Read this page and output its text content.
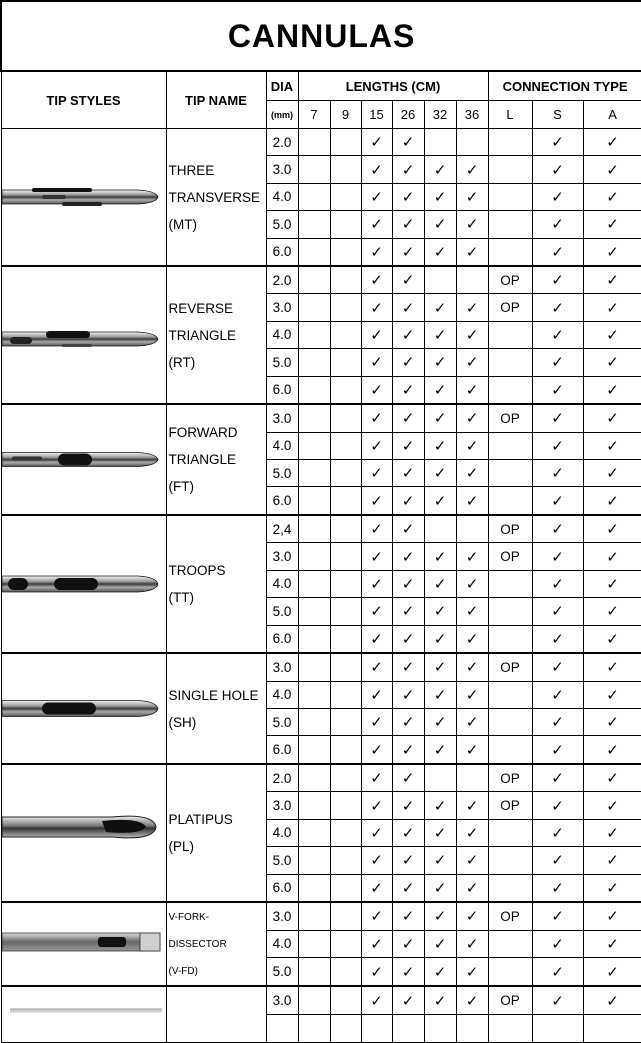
CANNULAS											
TIP STYLES	TIP NAME	DIA	LENGTHS (CM)						CONNECTION TYPE		
		(mm)	7	9	15	26	32	36	L	S	A

THREE
TRANSVERSE
(MT)	2.0			✓	✓				✓	✓
		3.0			✓	✓	✓	✓		✓	✓
		4.0			✓	✓	✓	✓		✓	✓
		5.0			✓	✓	✓	✓		✓	✓
		6.0			✓	✓	✓	✓		✓	✓

REVERSE
TRIANGLE
(RT)	2.0			✓	✓			OP	✓	✓
		3.0			✓	✓	✓	✓	OP	✓	✓
		4.0			✓	✓	✓	✓		✓	✓
		5.0			✓	✓	✓	✓		✓	✓
		6.0			✓	✓	✓	✓		✓	✓

FORWARD
TRIANGLE
(FT)	3.0			✓	✓	✓	✓	OP	✓	✓
		4.0			✓	✓	✓	✓		✓	✓
		5.0			✓	✓	✓	✓		✓	✓
		6.0			✓	✓	✓	✓		✓	✓

TROOPS
(TT)	2,4			✓	✓			OP	✓	✓
		3.0			✓	✓	✓	✓	OP	✓	✓
		4.0			✓	✓	✓	✓		✓	✓
		5.0			✓	✓	✓	✓		✓	✓
		6.0			✓	✓	✓	✓		✓	✓

SINGLE HOLE
(SH)	3.0			✓	✓	✓	✓	OP	✓	✓
		4.0			✓	✓	✓	✓		✓	✓
		5.0			✓	✓	✓	✓		✓	✓
		6.0			✓	✓	✓	✓		✓	✓

PLATIPUS
(PL)	2.0			✓	✓			OP	✓	✓
		3.0			✓	✓	✓	✓	OP	✓	✓
		4.0			✓	✓	✓	✓		✓	✓
		5.0			✓	✓	✓	✓		✓	✓
		6.0			✓	✓	✓	✓		✓	✓

V-FORK-DISSECTOR
(V-FD)	3.0			✓	✓	✓	✓	OP	✓	✓
		4.0			✓	✓	✓	✓		✓	✓
		5.0			✓	✓	✓	✓		✓	✓

		3.0			✓	✓	✓	✓	OP	✓	✓
